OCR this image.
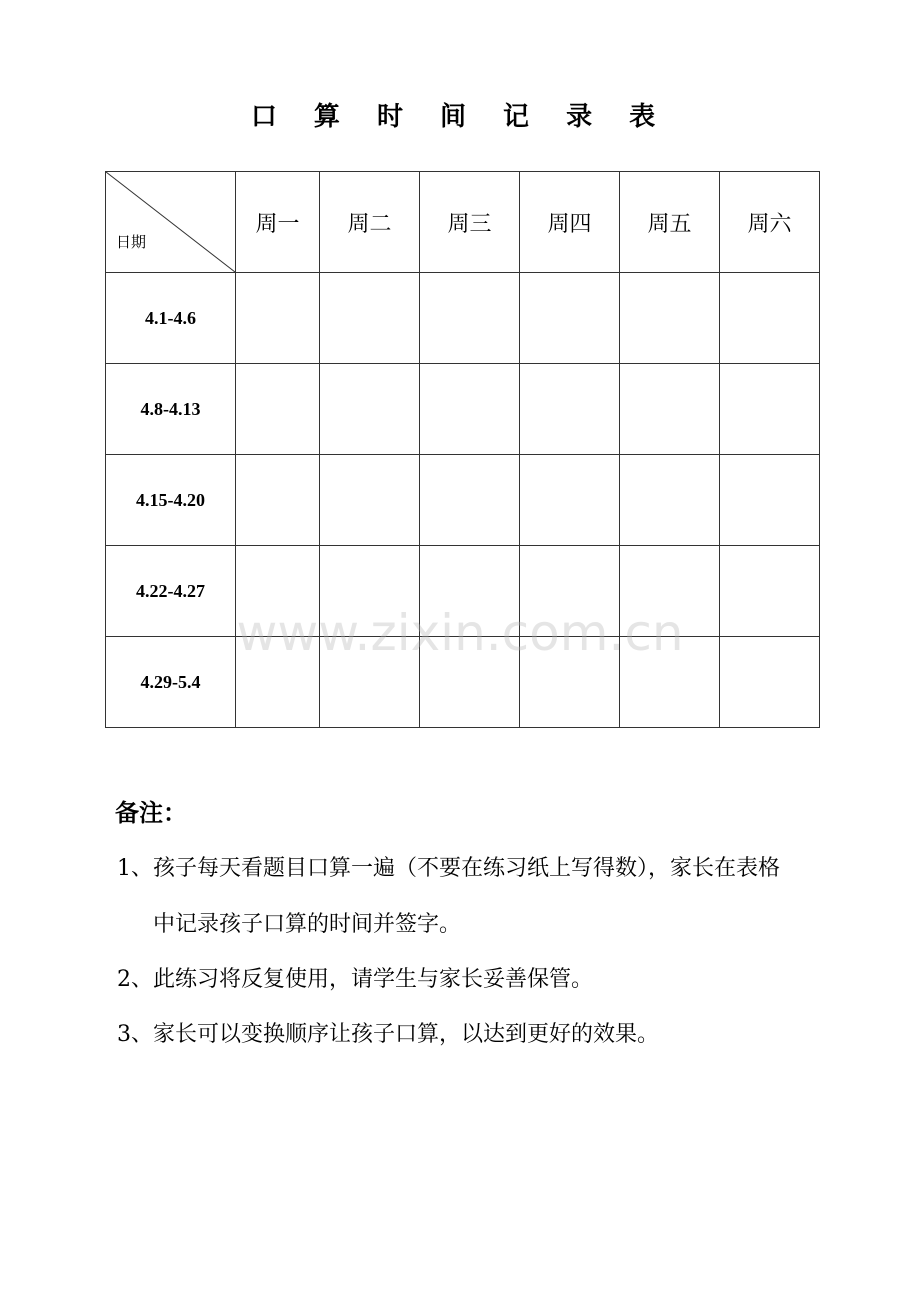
口 算 时 间 记 录 表
日期	周一	周二	周三	周四	周五	周六
4.1-4.6						
4.8-4.13						
4.15-4.20						
4.22-4.27						
4.29-5.4						
www.zixin.com.cn
备注：

1、孩子每天看题目口算一遍（不要在练习纸上写得数），家长在表格

中记录孩子口算的时间并签字。

2、此练习将反复使用，请学生与家长妥善保管。

3、家长可以变换顺序让孩子口算，以达到更好的效果。
